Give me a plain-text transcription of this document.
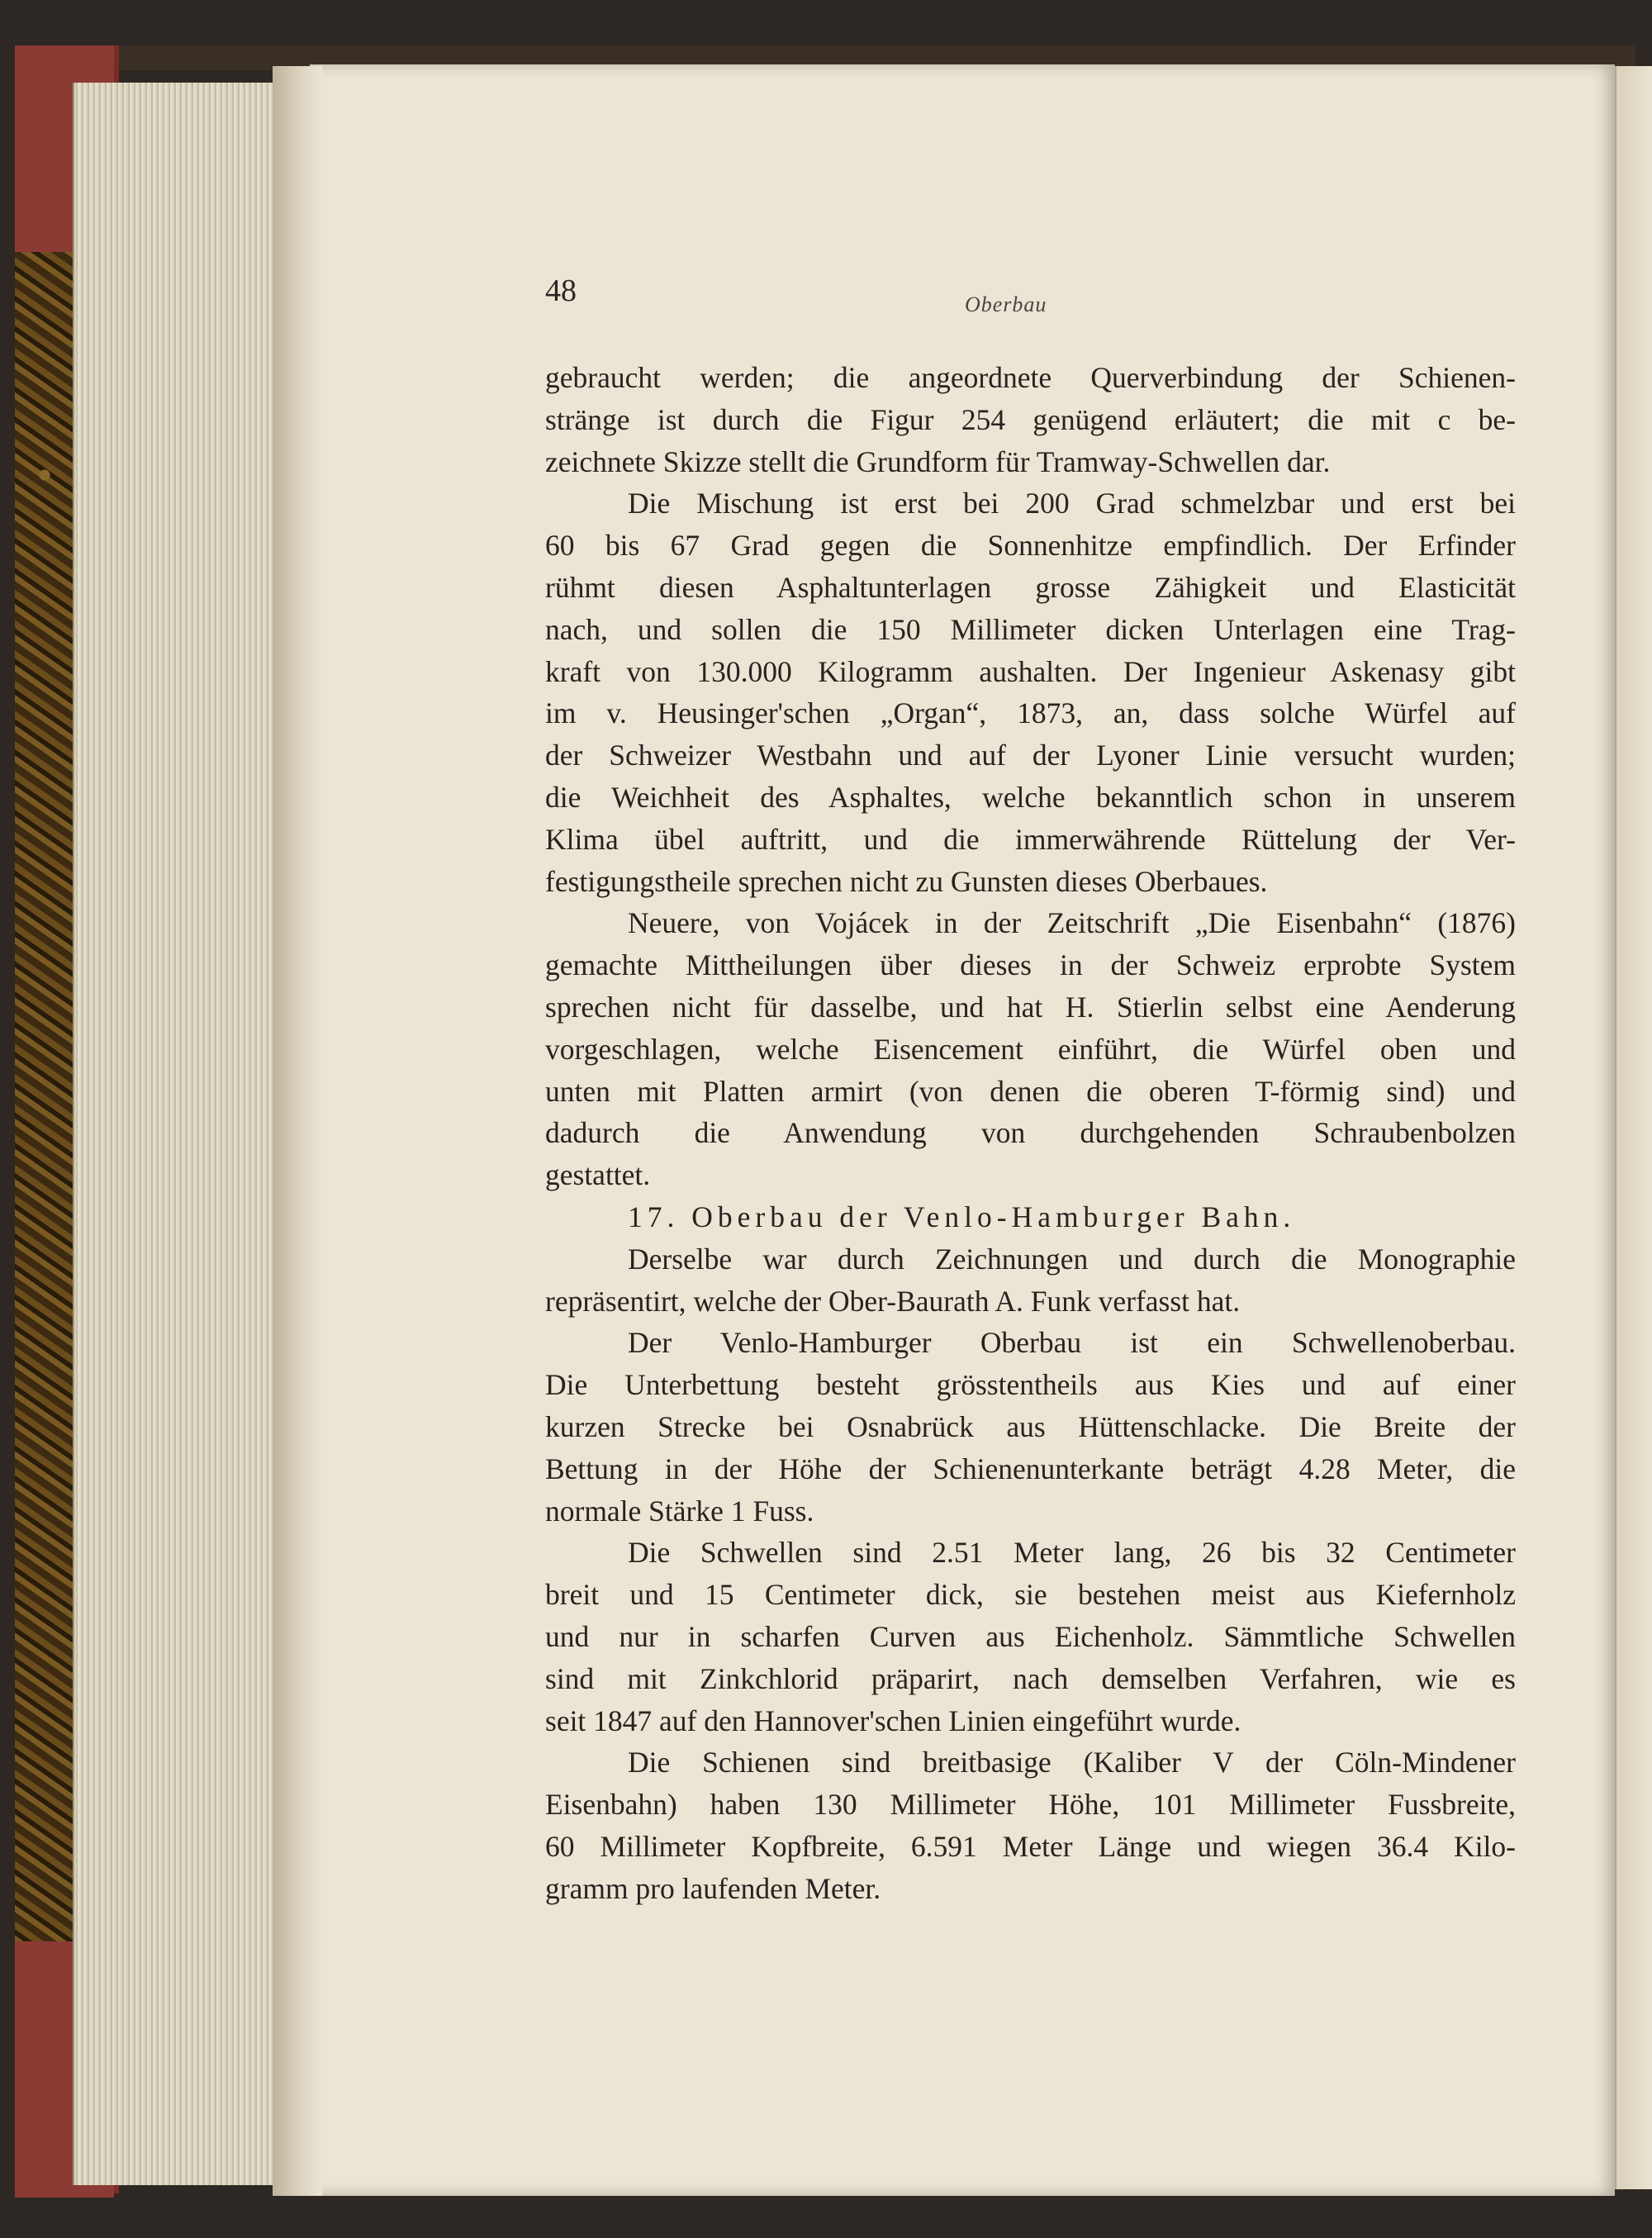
48	Oberbau
gebraucht werden; die angeordnete Querverbindung der Schienen-
stränge ist durch die Figur 254 genügend erläutert; die mit c be-
zeichnete Skizze stellt die Grundform für Tramway-Schwellen dar.
Die Mischung ist erst bei 200 Grad schmelzbar und erst bei
60 bis 67 Grad gegen die Sonnenhitze empfindlich. Der Erfinder
rühmt diesen Asphaltunterlagen grosse Zähigkeit und Elasticität
nach, und sollen die 150 Millimeter dicken Unterlagen eine Trag-
kraft von 130.000 Kilogramm aushalten. Der Ingenieur Askenasy gibt
im v. Heusinger'schen „Organ“, 1873, an, dass solche Würfel auf
der Schweizer Westbahn und auf der Lyoner Linie versucht wurden;
die Weichheit des Asphaltes, welche bekanntlich schon in unserem
Klima übel auftritt, und die immerwährende Rüttelung der Ver-
festigungstheile sprechen nicht zu Gunsten dieses Oberbaues.
Neuere, von Vojácek in der Zeitschrift „Die Eisenbahn“ (1876)
gemachte Mittheilungen über dieses in der Schweiz erprobte System
sprechen nicht für dasselbe, und hat H. Stierlin selbst eine Aenderung
vorgeschlagen, welche Eisencement einführt, die Würfel oben und
unten mit Platten armirt (von denen die oberen T-förmig sind) und
dadurch die Anwendung von durchgehenden Schraubenbolzen
gestattet.
17. Oberbau der Venlo-Hamburger Bahn.
Derselbe war durch Zeichnungen und durch die Monographie
repräsentirt, welche der Ober-Baurath A. Funk verfasst hat.
Der Venlo-Hamburger Oberbau ist ein Schwellenoberbau.
Die Unterbettung besteht grösstentheils aus Kies und auf einer
kurzen Strecke bei Osnabrück aus Hüttenschlacke. Die Breite der
Bettung in der Höhe der Schienenunterkante beträgt 4.28 Meter, die
normale Stärke 1 Fuss.
Die Schwellen sind 2.51 Meter lang, 26 bis 32 Centimeter
breit und 15 Centimeter dick, sie bestehen meist aus Kiefernholz
und nur in scharfen Curven aus Eichenholz. Sämmtliche Schwellen
sind mit Zinkchlorid präparirt, nach demselben Verfahren, wie es
seit 1847 auf den Hannover'schen Linien eingeführt wurde.
Die Schienen sind breitbasige (Kaliber V der Cöln-Mindener
Eisenbahn) haben 130 Millimeter Höhe, 101 Millimeter Fussbreite,
60 Millimeter Kopfbreite, 6.591 Meter Länge und wiegen 36.4 Kilo-
gramm pro laufenden Meter.
